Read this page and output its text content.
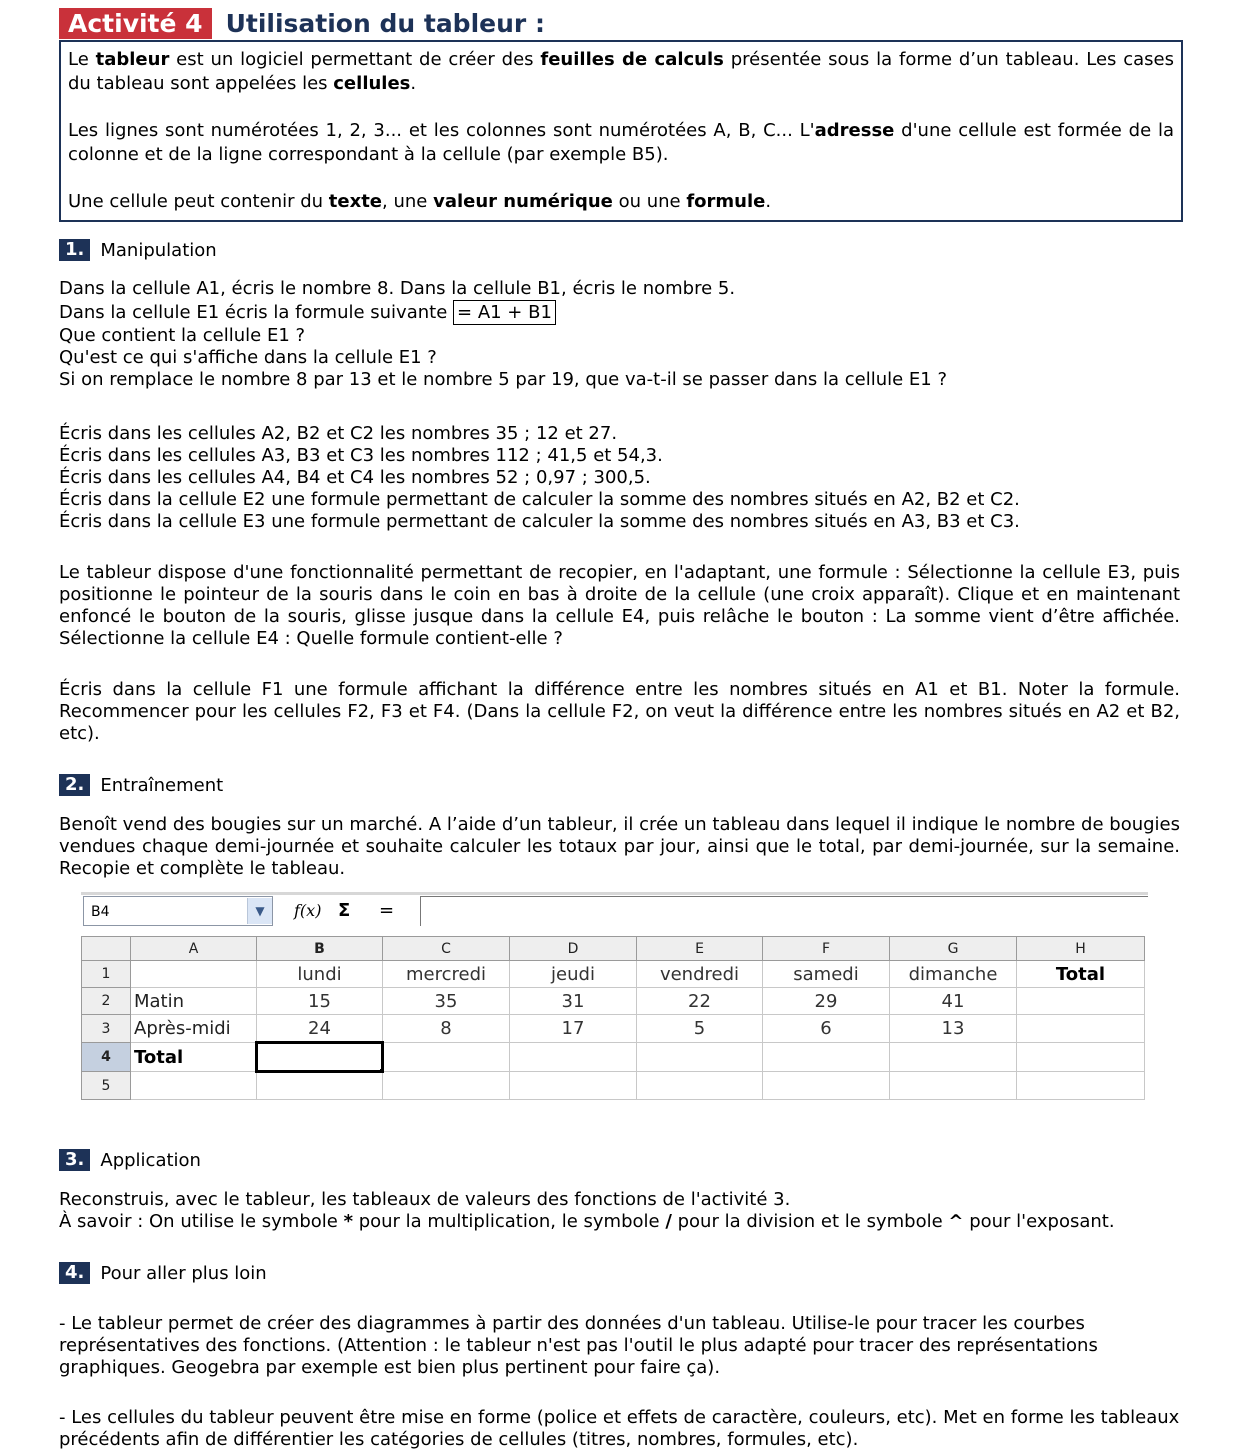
Activité 4 Utilisation du tableur :

Le tableur est un logiciel permettant de créer des feuilles de calculs présentée sous la forme d’un tableau. Les cases du tableau sont appelées les cellules.

Les lignes sont numérotées 1, 2, 3... et les colonnes sont numérotées A, B, C... L'adresse d'une cellule est formée de la colonne et de la ligne correspondant à la cellule (par exemple B5).

Une cellule peut contenir du texte, une valeur numérique ou une formule.

1. Manipulation
Dans la cellule A1, écris le nombre 8. Dans la cellule B1, écris le nombre 5.
Dans la cellule E1 écris la formule suivante = A1 + B1
Que contient la cellule E1 ?
Qu'est ce qui s'affiche dans la cellule E1 ?
Si on remplace le nombre 8 par 13 et le nombre 5 par 19, que va-t-il se passer dans la cellule E1 ?
Écris dans les cellules A2, B2 et C2 les nombres 35 ; 12 et 27.
Écris dans les cellules A3, B3 et C3 les nombres 112 ; 41,5 et 54,3.
Écris dans les cellules A4, B4 et C4 les nombres 52 ; 0,97 ; 300,5.
Écris dans la cellule E2 une formule permettant de calculer la somme des nombres situés en A2, B2 et C2.
Écris dans la cellule E3 une formule permettant de calculer la somme des nombres situés en A3, B3 et C3.

Le tableur dispose d'une fonctionnalité permettant de recopier, en l'adaptant, une formule : Sélectionne la cellule E3, puis positionne le pointeur de la souris dans le coin en bas à droite de la cellule (une croix apparaît). Clique et en maintenant enfoncé le bouton de la souris, glisse jusque dans la cellule E4, puis relâche le bouton : La somme vient d’être affichée. Sélectionne la cellule E4 : Quelle formule contient-elle ?

Écris dans la cellule F1 une formule affichant la différence entre les nombres situés en A1 et B1. Noter la formule. Recommencer pour les cellules F2, F3 et F4. (Dans la cellule F2, on veut la différence entre les nombres situés en A2 et B2, etc).

2. Entraînement

Benoît vend des bougies sur un marché. A l’aide d’un tableur, il crée un tableau dans lequel il indique le nombre de bougies vendues chaque demi-journée et souhaite calculer les totaux par jour, ainsi que le total, par demi-journée, sur la semaine. Recopie et complète le tableau.

B4	▼	f(x) Σ =
	A	B	C	D	E	F	G	H
1		lundi	mercredi	jeudi	vendredi	samedi	dimanche	Total
2	Matin	15	35	31	22	29	41	
3	Après-midi	24	8	17	5	6	13	
4	Total	

5								
3. Application
Reconstruis, avec le tableur, les tableaux de valeurs des fonctions de l'activité 3.
À savoir : On utilise le symbole * pour la multiplication, le symbole / pour la division et le symbole ^ pour l'exposant.
4. Pour aller plus loin

- Le tableur permet de créer des diagrammes à partir des données d'un tableau. Utilise-le pour tracer les courbes représentatives des fonctions. (Attention : le tableur n'est pas l'outil le plus adapté pour tracer des représentations graphiques. Geogebra par exemple est bien plus pertinent pour faire ça).

- Les cellules du tableur peuvent être mise en forme (police et effets de caractère, couleurs, etc). Met en forme les tableaux précédents afin de différentier les catégories de cellules (titres, nombres, formules, etc).
